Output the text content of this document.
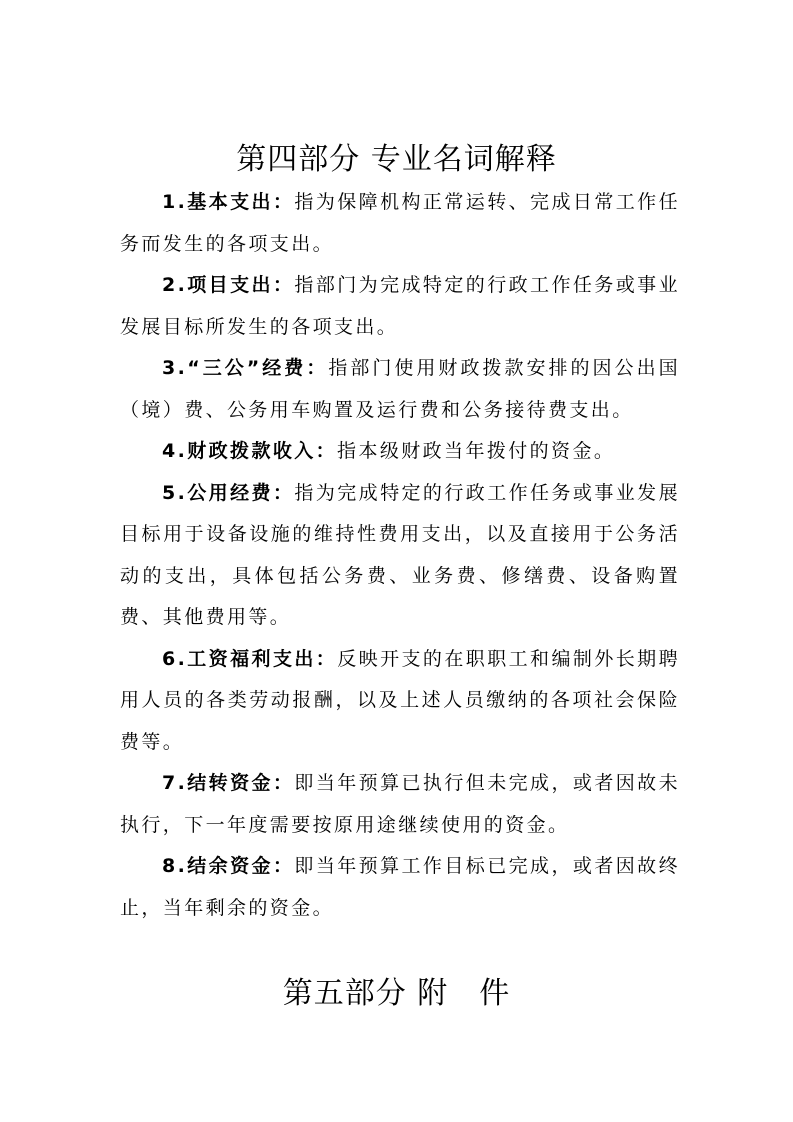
第四部分 专业名词解释

1.基本支出：指为保障机构正常运转、完成日常工作任务而发生的各项支出。

2.项目支出：指部门为完成特定的行政工作任务或事业发展目标所发生的各项支出。

3.“三公”经费：指部门使用财政拨款安排的因公出国（境）费、公务用车购置及运行费和公务接待费支出。

4.财政拨款收入：指本级财政当年拨付的资金。

5.公用经费：指为完成特定的行政工作任务或事业发展目标用于设备设施的维持性费用支出，以及直接用于公务活动的支出，具体包括公务费、业务费、修缮费、设备购置费、其他费用等。

6.工资福利支出：反映开支的在职职工和编制外长期聘用人员的各类劳动报酬，以及上述人员缴纳的各项社会保险费等。

7.结转资金：即当年预算已执行但未完成，或者因故未执行，下一年度需要按原用途继续使用的资金。

8.结余资金：即当年预算工作目标已完成，或者因故终止，当年剩余的资金。

第五部分 附　件
